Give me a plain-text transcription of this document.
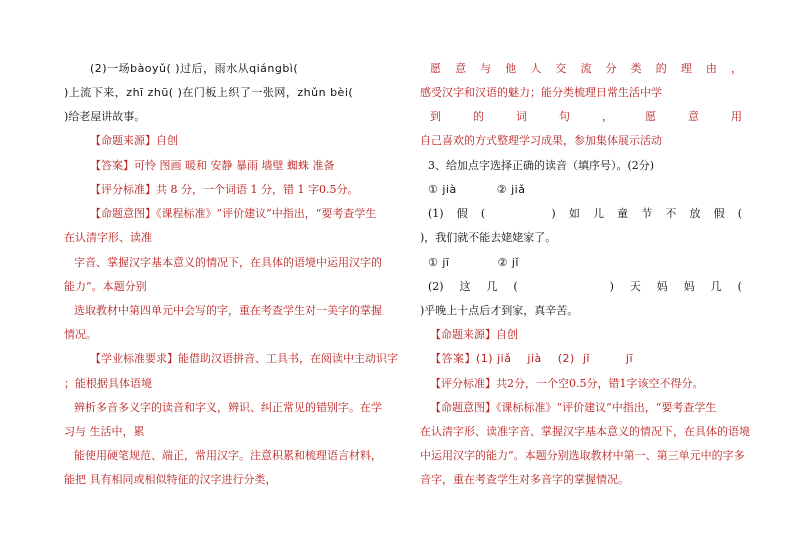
(2)一场bàoyǔ( )过后，雨水从qiángbì(
)上流下来，zhī zhū( )在门板上织了一张网，zhǔn bèi(
)给老屋讲故事。
【命题来源】自创
【答案】可怜 图画 暖和 安静 暴雨 墙壁 蜘蛛 准备
【评分标准】共 8 分，一个词语 1 分，错 1 字0.5分。
【命题意图】《课程标准》“评价建议”中指出，“要考查学生
在认清字形、读准
字音、掌握汉字基本意义的情况下，在具体的语境中运用汉字的
能力”。本题分别
选取教材中第四单元中会写的字，重在考查学生对一美字的掌握
情况。
【学业标准要求】能借助汉语拼音、工具书，在阅读中主动识字
；能根据具体语境
辨析多音多义字的读音和字义，辨识、纠正常见的错别字。在学
习与 生活中，累
能使用硬笔规范、端正，常用汉字。注意积累和梳理语言材料，
能把 具有相同或相似特征的汉字进行分类，
愿 意 与 他 人 交 流 分 类 的 理 由 ，
感受汉字和汉语的魅力；能分类梳理日常生活中学
到	的	词	句	，	愿	意	用
自己喜欢的方式整理学习成果，参加集体展示活动
3、给加点字选择正确的读音（填序号）。(2分)
① jià	② jiǎ
(1) 假 (	) 如 儿 童 节 不 放 假 (
)，我们就不能去姥姥家了。
① jī	② jǐ
(2) 这 几 (	) 天 妈 妈 几 (
)乎晚上十点后才到家，真辛苦。
【命题来源】自创
【答案】(1) jiǎ    jià    (2)  jǐ         jī
【评分标准】共2分，一个空0.5分，错1字该空不得分。
【命题意图】《课标标准》“评价建议”中指出，“要考查学生
在认清字形、读准字音、掌握汉字基本意义的情况下，在具体的语境
中运用汉字的能力”。本题分别选取教材中第一、第三单元中的字多
音字，重在考查学生对多音字的掌握情况。
